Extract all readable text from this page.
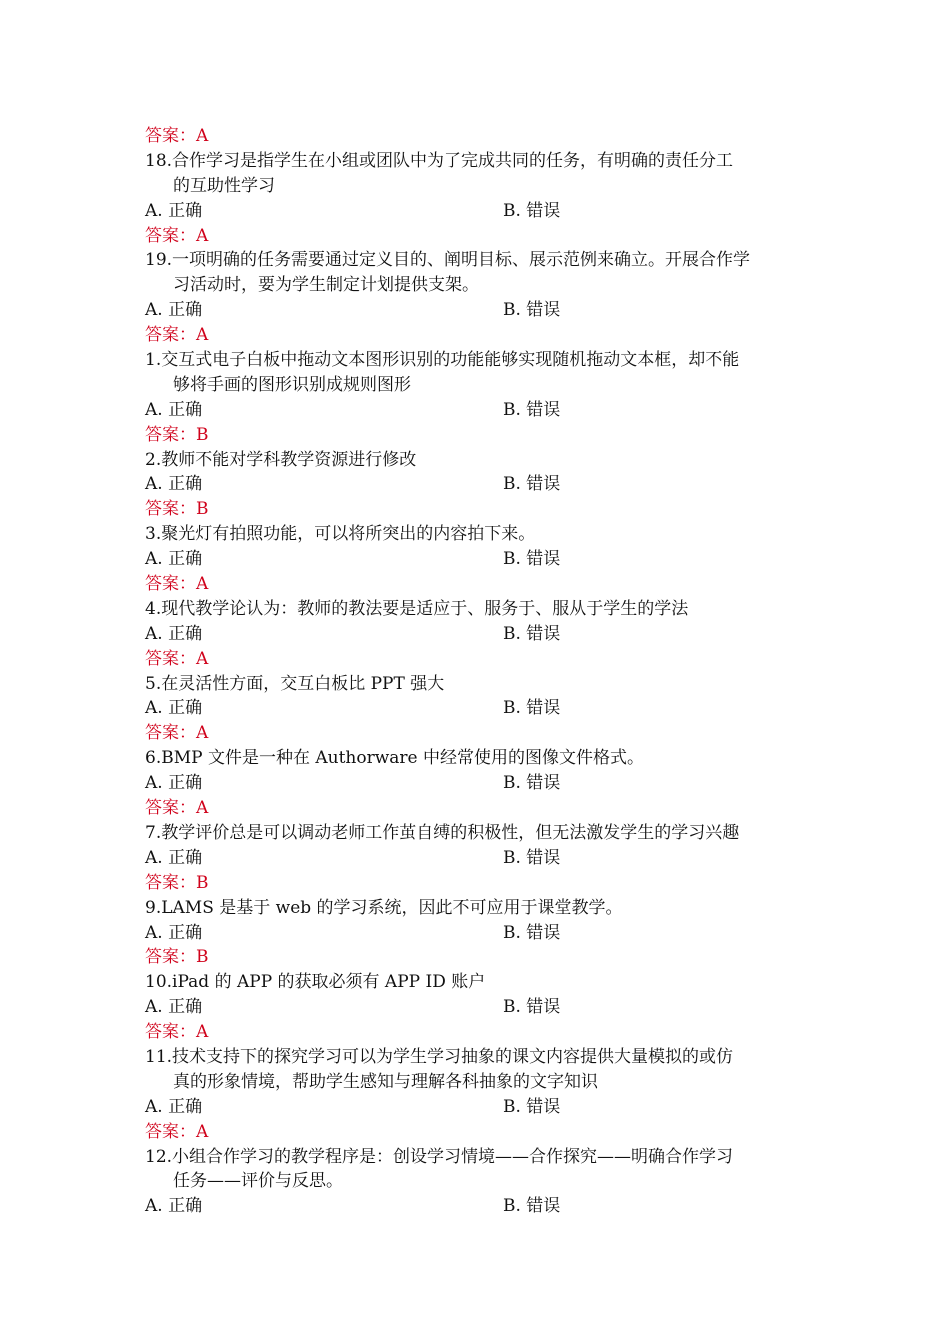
答案：A
18.合作学习是指学生在小组或团队中为了完成共同的任务，有明确的责任分工
的互助性学习
A. 正确	B. 错误
答案：A
19.一项明确的任务需要通过定义目的、阐明目标、展示范例来确立。开展合作学
习活动时，要为学生制定计划提供支架。
A. 正确	B. 错误
答案：A
1.交互式电子白板中拖动文本图形识别的功能能够实现随机拖动文本框，却不能
够将手画的图形识别成规则图形
A. 正确	B. 错误
答案：B
2.教师不能对学科教学资源进行修改
A. 正确	B. 错误
答案：B
3.聚光灯有拍照功能，可以将所突出的内容拍下来。
A. 正确	B. 错误
答案：A
4.现代教学论认为：教师的教法要是适应于、服务于、服从于学生的学法
A. 正确	B. 错误
答案：A
5.在灵活性方面，交互白板比 PPT 强大
A. 正确	B. 错误
答案：A
6.BMP 文件是一种在 Authorware 中经常使用的图像文件格式。
A. 正确	B. 错误
答案：A
7.教学评价总是可以调动老师工作茧自缚的积极性，但无法激发学生的学习兴趣
A. 正确	B. 错误
答案：B
9.LAMS 是基于 web 的学习系统，因此不可应用于课堂教学。
A. 正确	B. 错误
答案：B
10.iPad 的 APP 的获取必须有 APP ID 账户
A. 正确	B. 错误
答案：A
11.技术支持下的探究学习可以为学生学习抽象的课文内容提供大量模拟的或仿
真的形象情境，帮助学生感知与理解各科抽象的文字知识
A. 正确	B. 错误
答案：A
12.小组合作学习的教学程序是：创设学习情境——合作探究——明确合作学习
任务——评价与反思。
A. 正确	B. 错误
